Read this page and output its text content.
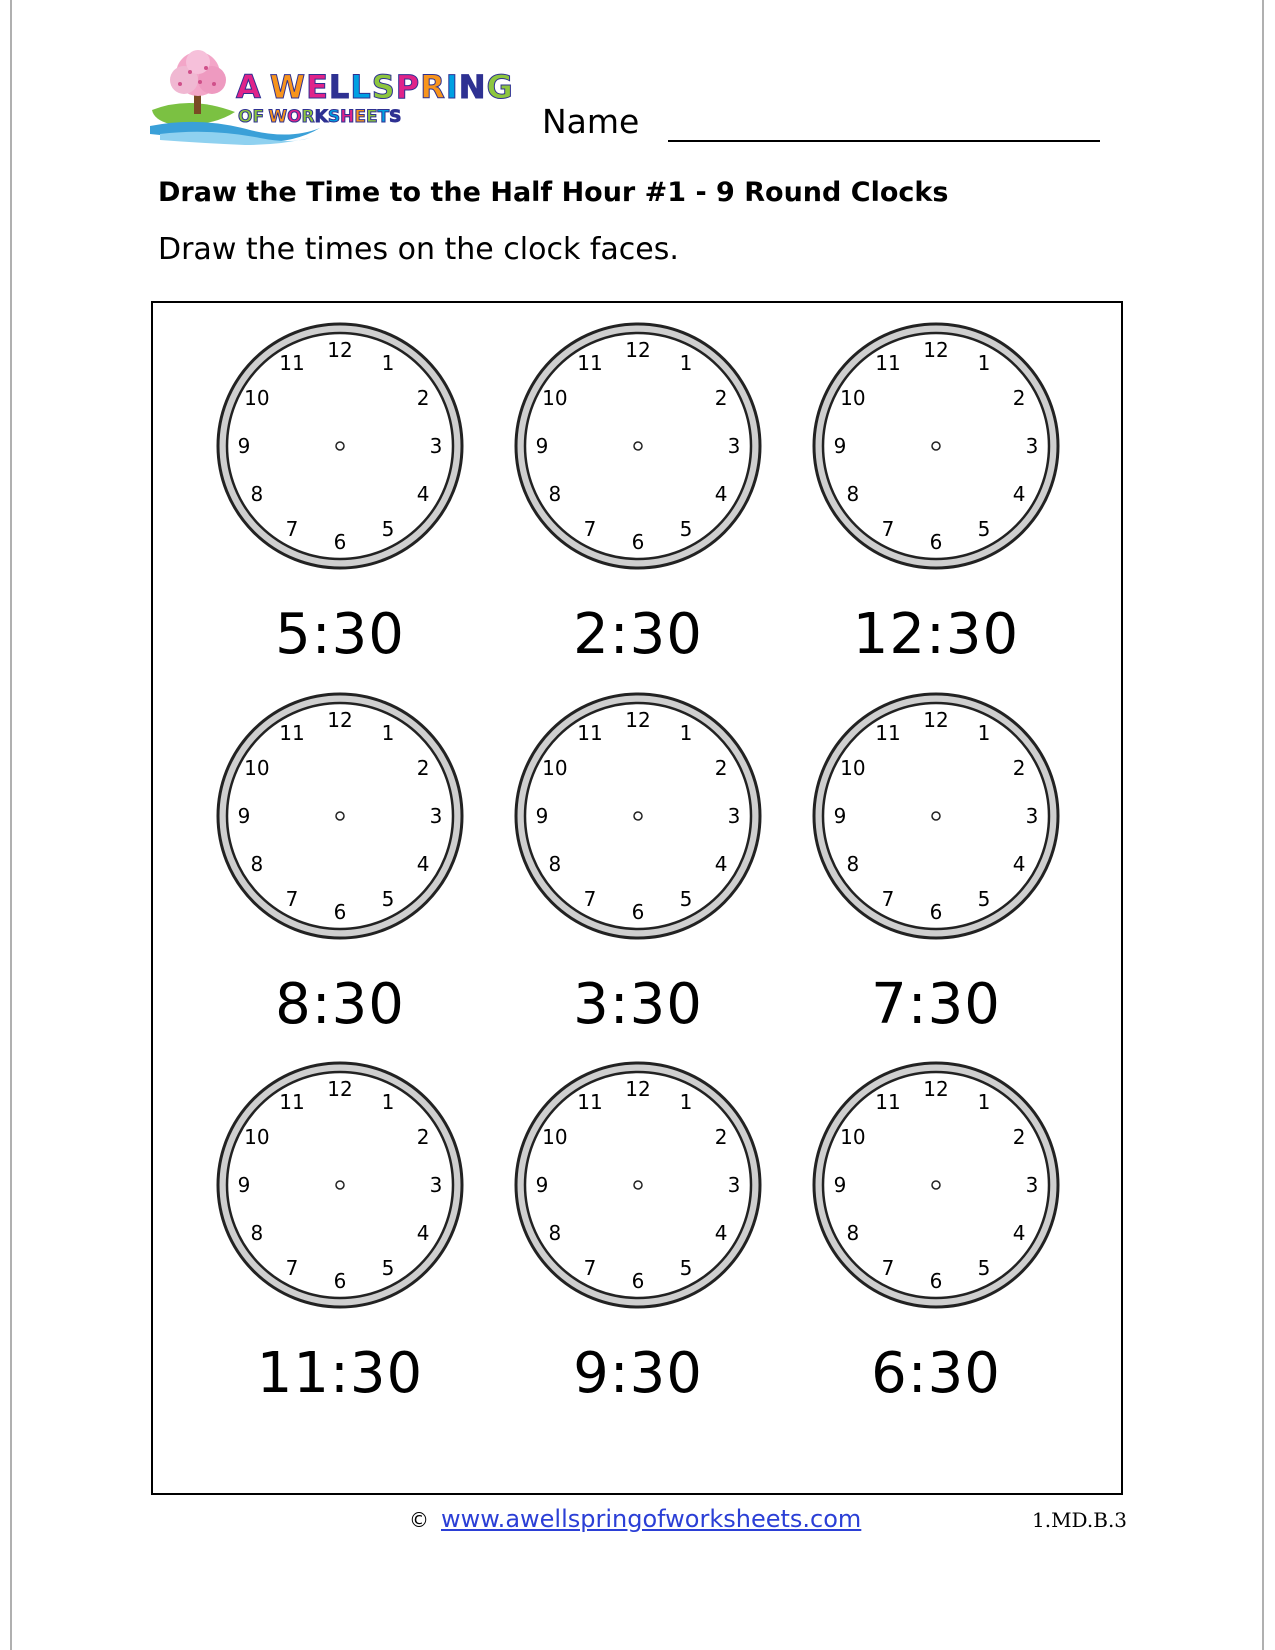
A WELLSPRING
OF WORKSHEETS	Name
Draw the Time to the Half Hour #1 - 9 Round Clocks
Draw the times on the clock faces.
12
1
2
3
4
5
6
7
8
9
10
11
5:30
12
1
2
3
4
5
6
7
8
9
10
11
2:30
12
1
2
3
4
5
6
7
8
9
10
11
12:30
12
1
2
3
4
5
6
7
8
9
10
11
8:30
12
1
2
3
4
5
6
7
8
9
10
11
3:30
12
1
2
3
4
5
6
7
8
9
10
11
7:30
12
1
2
3
4
5
6
7
8
9
10
11
11:30
12
1
2
3
4
5
6
7
8
9
10
11
9:30
12
1
2
3
4
5
6
7
8
9
10
11
6:30
© www.awellspringofworksheets.com	1.MD.B.3
